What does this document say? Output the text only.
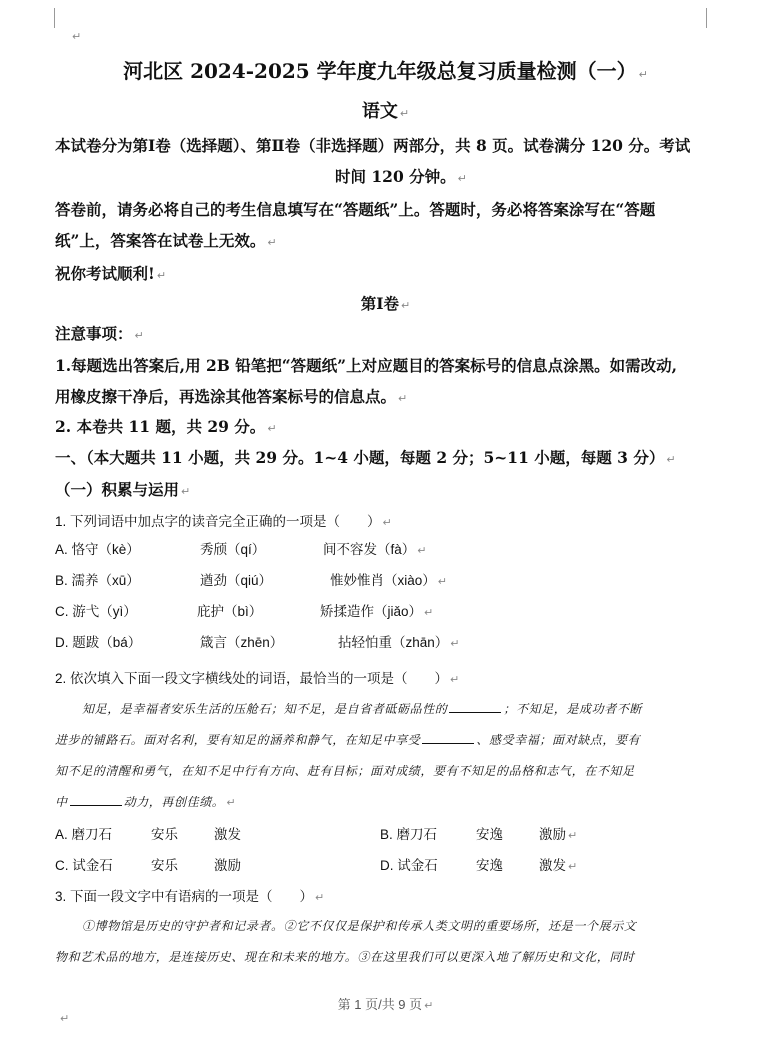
↵
河北区 2024-2025 学年度九年级总复习质量检测（一） ↵
语文 ↵
本试卷分为第Ⅰ卷（选择题）、第Ⅱ卷（非选择题）两部分，共 8 页。试卷满分 120 分。考试
时间 120 分钟。 ↵
答卷前，请务必将自己的考生信息填写在“答题纸”上。答题时，务必将答案涂写在“答题
纸”上，答案答在试卷上无效。 ↵
祝你考试顺利! ↵
第Ⅰ卷 ↵
注意事项： ↵
1.每题选出答案后,用 2B 铅笔把“答题纸”上对应题目的答案标号的信息点涂黑。如需改动,
用橡皮擦干净后，再选涂其他答案标号的信息点。 ↵
2. 本卷共 11 题，共 29 分。 ↵
一、（本大题共 11 小题，共 29 分。1~4 小题，每题 2 分；5~11 小题，每题 3 分） ↵
（一）积累与运用 ↵
1. 下列词语中加点字的读音完全正确的一项是（　　） ↵
A. 恪守（kè）	秀颀（qí）	间不容发（fà） ↵
B. 濡养（xū）	遒劲（qiú）	惟妙惟肖（xiào） ↵
C. 游弋（yì）	庇护（bì）	矫揉造作（jiǎo） ↵
D. 题跋（bá）	箴言（zhēn）	拈轻怕重（zhān） ↵
2. 依次填入下面一段文字横线处的词语，最恰当的一项是（　　） ↵
知足，是幸福者安乐生活的压舱石；知不足，是自省者砥砺品性的	；不知足，是成功者不断
进步的铺路石。面对名利，要有知足的涵养和静气，在知足中享受	、感受幸福；面对缺点，要有
知不足的清醒和勇气，在知不足中行有方向、赶有目标；面对成绩，要有不知足的品格和志气，在不知足
中	动力，再创佳绩。 ↵
A. 磨刀石	安乐	激发	B. 磨刀石	安逸	激励 ↵
C. 试金石	安乐	激励	D. 试金石	安逸	激发 ↵
3. 下面一段文字中有语病的一项是（　　） ↵
①博物馆是历史的守护者和记录者。②它不仅仅是保护和传承人类文明的重要场所，还是一个展示文
物和艺术品的地方，是连接历史、现在和未来的地方。③在这里我们可以更深入地了解历史和文化，同时
第 1 页/共 9 页 ↵
↵
